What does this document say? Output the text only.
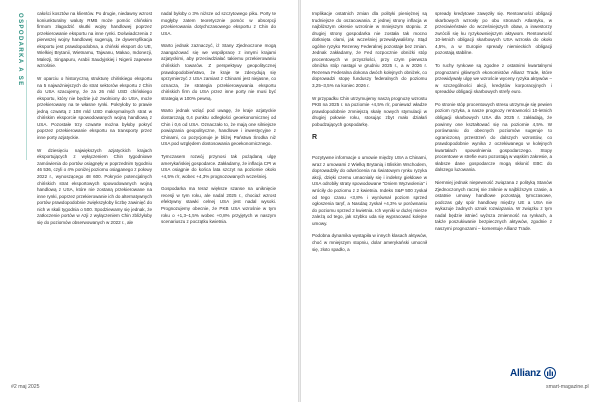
OSPODARKA A SE	całości kosztów na klientów. Po drugie, niedawny wzrost koniunkturalny waluty RMB może pomóc chińskim firmom złagodzić skutki wojny handlowej poprzez przekierowanie eksportu na inne rynki. Doświadczenia z pierwszej wojny handlowej sugerują, że dywersyfikacja eksportu jest prawdopodobna, a chiński eksport do UE, Wielkiej Brytanii, Wietnamu, Tajwanu, Makao, Indonezji, Malezji, Singapuru, Arabii Saudyjskiej i Nigerii zapewne wzrośnie.

W oparciu o historyczną strukturę chińskiego eksportu na 5 najważniejszych do strat sektorów eksportu z Chin do USA szacujemy, że za 26 mld USD chińskiego eksportu, który nie będzie już zwolniony do USA, może przekierowany na te własne rynki. Pokryłoby to prawie jedną czwartą z 108 mld USD maksymalnych strat w chińskim eksporcie spowodowanych wojną handlową z USA. Pozostałe trzy czwarte można byłoby pokryć poprzez przekierowanie eksportu na transporty przez inne porty azjatyckie.

W dziesięciu największych azjatyckich krajach eksportujących z wyłączeniem Chin tygodniowe zamówienia do portów osiągnęły w poprzednim tygodniu 46 536, czyli o 4% poniżej poziomu osiąganego z połowy 2022 r., wynoszącego 48 600. Pokrycie potencjalnych chińskich strat eksportowych spowodowanych wojną handlową z USA, które nie zostaną przekierowane na inne rynki, poprzez przekierowanie ich do alternatywnych portów prawdopodobnie zwiększyłoby liczbę zawinięć do nich w skali tygodnia o 500. Spodziewamy się jednak, że zatłoczenie portów w Azji z wyłączeniem Chin zbliżyłoby się do poziomów obserwowanych w 2022 r., ale

nadal byłoby o 3% niższe od szczytowego piku. Porty te mogłyby zatem teoretycznie pomóc w absorpcji przekierowania dotychczasowego eksportu z Chin do USA.

Warto jednak zaznaczyć, iż Stany Zjednoczone mogą zaangażować się we współpracę z innymi krajami azjatyckimi, aby przeciwdziałać takiemu przekierowaniu chińskich towarów. Z perspektywy geopolitycznej prawdopodobieństwo, że kraje te zdecydują się sprzymierzyć z USA zamiast z Chinami jest niejasne, co oznacza, że strategia przekierowywania eksportu chińskich firm do USA przez inne porty nie musi być strategią w 100% pewną.

Warto jednak wziąć pod uwagę, że kraje azjatyckie dostarczają 0,4 punktu odległości geoekonomicznej od Chin i 0,6 od USA. Oznaczało to, że mają one silniejsze powiązania geopolityczne, handlowe i inwestycyjne z Chinami, co pozycjonuje je bliżej Państwa Środka niż USA pod względem dostosowania geoekonomicznego.

Tymczasem rozwój przynosi tak pożądaną ulgę amerykańskiej gospodarce. Zakładamy, że inflacja CPI w USA osiągnie do końca lata szczyt na poziomie około +4,5% r/r, wobec +4,3% prognozowanych wcześniej.

Gospodarka ma teraz większe szanse na uniknięcie recesji w tym roku, ale nadal 2025 r., chociaż wzrost efektywny stawki celnej USA jest nadal wysoki. Prognozujemy obecnie, że PKB USA wzrośnie w tym roku o +1,3–1,5% wobec +0,8% przyjętych w naszym scenariuszu z początku kwietnia.

#2 maj 2025

Implikacje ostatnich zmian dla polityki pieniężnej są trudniejsze do oszacowania. Z jednej strony inflacja w najbliższym okresie wzrośnie w mniejszym stopniu. Z drugiej strony gospodarka nie została tak mocno dotknięta cłami, jak wcześniej przewidywaliśmy. Stąd ogólne ryzyko Rezerwy Federalnej pozostaje bez zmian. Jednak zakładamy, że Fed rozpocznie obniżki stóp procentowych w przyszłości, przy czym pierwsza obniżka stóp nastąpi w grudniu 2025 r., a w 2026 r. Rezerwa Federalna dokona dwóch kolejnych obniżek, co doprowadzi stopę funduszy federalnych do poziomu 3,25–3,5% na koniec 2026 r.

W przypadku Chin utrzymujemy naszą prognozę wzrostu PKB na 2025 r. na poziomie +4,5% r/r, ponieważ władze prawdopodobnie zmniejszą skalę nowych stymulacji w drugiej połowie roku, stosując zbyt mało działań pobudzających gospodarkę.

R

Pozytywne informacje o umowie między USA a Chinami, wraz z umowami z Wielką Brytanią i Bliskim Wschodem, doprowadziły do odwrócenia na światowym rynku ryzyka akcji, dzięki czemu umacniały się i indeksy giełdowe w USA odrobiły straty spowodowane "Dniem Wyzwolenia" i wróciły do poziomu z 2 kwietnia. Indeks S&P 500 zyskał od tego czasu +3,8% i wyrównał poziom sprzed ogłoszenia taryf, a Nasdaq zyskał +4,3% w porównaniu do poziomu sprzed 2 kwietnia. Ich wyniki w dużej mierze zależą od tego, jak szybko uda się wypracować kolejne umowy.

Podobna dynamika wystąpiła w innych klasach aktywów, choć w mniejszym stopniu, dolar amerykański umocnił się, złoto spadło, a

spready kredytowe zawęziły się. Rentowności obligacji skarbowych wzrosły po obu stronach Atlantyku, w przeciwieństwie do wcześniejszych obaw, a inwestorzy zwrócili się ku ryzykowniejszym aktywom. Rentowność 10-letnich obligacji skarbowych USA wzrosła do około 4,5%, a w Europie spready niemieckich obligacji pozostają stabilne.

To ruchy rynkowe są zgodne z ostatnimi kwartalnymi prognozami głównych ekonomistów Allianz Trade, które przewidywały ulgę we wzroście wyceny ryzyka aktywów – w szczególności akcji, kredytów korporacyjnych i spreadów obligacji skarbowych strefy euro.

Po stronie stóp procentowych stresu utrzymuje się pewien poziom ryzyka, a nasze prognozy rentowności 10-letnich obligacji skarbowych USA dla 2025 r. zakładają, że powinny one kształtować się na poziomie 4,5%. W porównaniu do obecnych poziomów sugeruje to ograniczoną przestrzeń do dalszych wzrostów, co prawdopodobnie wynika z oczekiwanego w kolejnych kwartałach spowolnienia gospodarczego. Stopy procentowe w strefie euro pozostają w wąskim zakresie, a słabsze dane gospodarcze mogą skłonić EBC do dalszego luzowania.

Niemniej jednak niepewność związana z polityką Stanów Zjednoczonych raczej nie zniknie w najbliższym czasie, a ostatnie umowy handlowe pozostają tymczasowe, podczas gdy spór handlowy między UE a USA nie wykazuje żadnych oznak rozwiązania. W związku z tym nadal będzie istnieć wyższa zmienność na rynkach, a także poszukiwanie bezpiecznych aktywów, zgodnie z naszymi prognozami – komentuje Allianz Trade.

Allianz
smart-magazine.pl
